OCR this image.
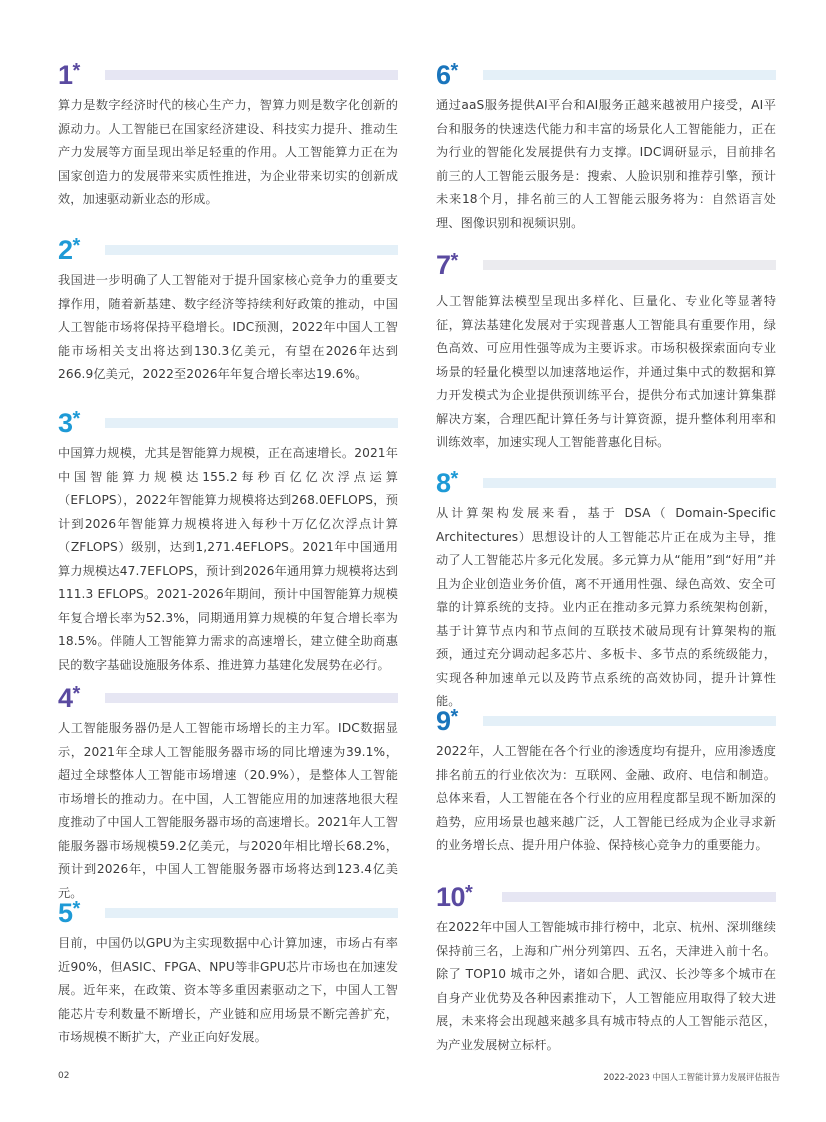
1*
算力是数字经济时代的核心生产力，智算力则是数字化创新的源动力。人工智能已在国家经济建设、科技实力提升、推动生产力发展等方面呈现出举足轻重的作用。人工智能算力正在为国家创造力的发展带来实质性推进，为企业带来切实的创新成效，加速驱动新业态的形成。
2*
我国进一步明确了人工智能对于提升国家核心竞争力的重要支撑作用，随着新基建、数字经济等持续利好政策的推动，中国人工智能市场将保持平稳增长。IDC预测，2022年中国人工智能市场相关支出将达到130.3亿美元，有望在2026年达到266.9亿美元，2022至2026年年复合增长率达19.6%。
3*
中国算力规模，尤其是智能算力规模，正在高速增长。2021年中国智能算力规模达155.2每秒百亿亿次浮点运算（EFLOPS），2022年智能算力规模将达到268.0EFLOPS，预计到2026年智能算力规模将进入每秒十万亿亿次浮点计算（ZFLOPS）级别，达到1,271.4EFLOPS。2021年中国通用算力规模达47.7EFLOPS，预计到2026年通用算力规模将达到111.3 EFLOPS。2021-2026年期间，预计中国智能算力规模年复合增长率为52.3%，同期通用算力规模的年复合增长率为18.5%。伴随人工智能算力需求的高速增长，建立健全助商惠民的数字基础设施服务体系、推进算力基建化发展势在必行。
4*
人工智能服务器仍是人工智能市场增长的主力军。IDC数据显示，2021年全球人工智能服务器市场的同比增速为39.1%，超过全球整体人工智能市场增速（20.9%），是整体人工智能市场增长的推动力。在中国，人工智能应用的加速落地很大程度推动了中国人工智能服务器市场的高速增长。2021年人工智能服务器市场规模59.2亿美元，与2020年相比增长68.2%，预计到2026年，中国人工智能服务器市场将达到123.4亿美元。
5*
目前，中国仍以GPU为主实现数据中心计算加速，市场占有率近90%，但ASIC、FPGA、NPU等非GPU芯片市场也在加速发展。近年来，在政策、资本等多重因素驱动之下，中国人工智能芯片专利数量不断增长，产业链和应用场景不断完善扩充，市场规模不断扩大，产业正向好发展。
6*
通过aaS服务提供AI平台和AI服务正越来越被用户接受，AI平台和服务的快速迭代能力和丰富的场景化人工智能能力，正在为行业的智能化发展提供有力支撑。IDC调研显示，目前排名前三的人工智能云服务是：搜索、人脸识别和推荐引擎，预计未来18个月，排名前三的人工智能云服务将为：自然语言处理、图像识别和视频识别。
7*
人工智能算法模型呈现出多样化、巨量化、专业化等显著特征，算法基建化发展对于实现普惠人工智能具有重要作用，绿色高效、可应用性强等成为主要诉求。市场积极探索面向专业场景的轻量化模型以加速落地运作，并通过集中式的数据和算力开发模式为企业提供预训练平台，提供分布式加速计算集群解决方案，合理匹配计算任务与计算资源，提升整体利用率和训练效率，加速实现人工智能普惠化目标。
8*
从计算架构发展来看，基于 DSA（ Domain-Specific Architectures）思想设计的人工智能芯片正在成为主导，推动了人工智能芯片多元化发展。多元算力从“能用”到“好用”并且为企业创造业务价值，离不开通用性强、绿色高效、安全可靠的计算系统的支持。业内正在推动多元算力系统架构创新，基于计算节点内和节点间的互联技术破局现有计算架构的瓶颈，通过充分调动起多芯片、多板卡、多节点的系统级能力，实现各种加速单元以及跨节点系统的高效协同，提升计算性能。
9*
2022年，人工智能在各个行业的渗透度均有提升，应用渗透度排名前五的行业依次为：互联网、金融、政府、电信和制造。总体来看，人工智能在各个行业的应用程度都呈现不断加深的趋势，应用场景也越来越广泛，人工智能已经成为企业寻求新的业务增长点、提升用户体验、保持核心竞争力的重要能力。
10*
在2022年中国人工智能城市排行榜中，北京、杭州、深圳继续保持前三名，上海和广州分列第四、五名，天津进入前十名。除了 TOP10 城市之外，诸如合肥、武汉、长沙等多个城市在自身产业优势及各种因素推动下，人工智能应用取得了较大进展，未来将会出现越来越多具有城市特点的人工智能示范区，为产业发展树立标杆。
02	2022-2023 中国人工智能计算力发展评估报告
